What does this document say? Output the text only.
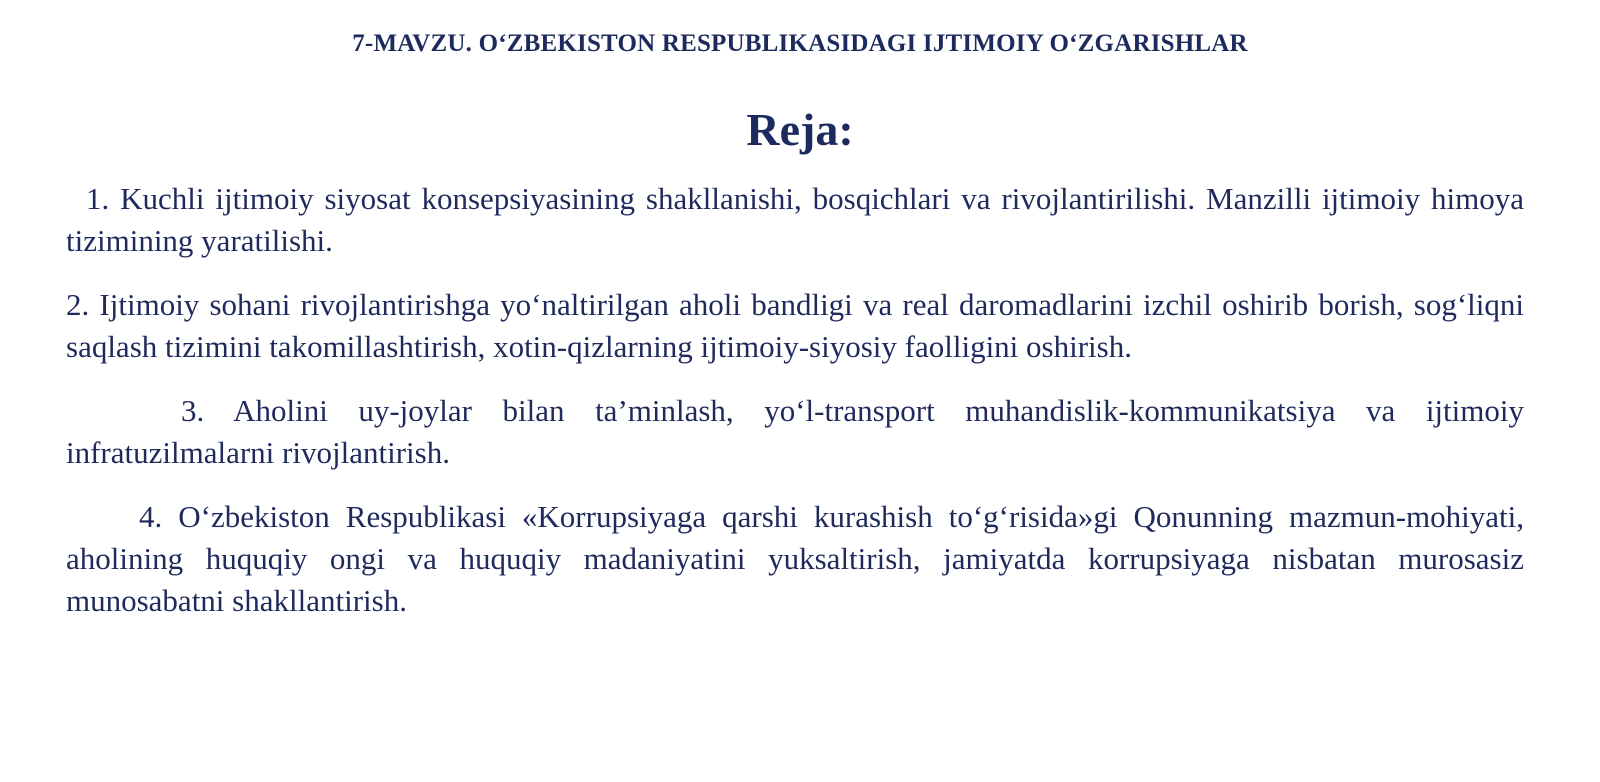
7-MAVZU. O‘ZBEKISTON RESPUBLIKASIDAGI IJTIMOIY O‘ZGARISHLAR
Reja:

1. Kuchli ijtimoiy siyosat konsepsiyasining shakllanishi, bosqichlari va rivojlantirilishi. Manzilli ijtimoiy himoya tizimining yaratilishi.

2. Ijtimoiy sohani rivojlantirishga yo‘naltirilgan aholi bandligi va real daromadlarini izchil oshirib borish, sog‘liqni saqlash tizimini takomillashtirish, xotin-qizlarning ijtimoiy-siyosiy faolligini oshirish.

3. Aholini uy-joylar bilan ta’minlash, yo‘l-transport muhandislik-kommunikatsiya va ijtimoiy infratuzilmalarni rivojlantirish.

4. O‘zbekiston Respublikasi «Korrupsiyaga qarshi kurashish to‘g‘risida»gi Qonunning mazmun-mohiyati, aholining huquqiy ongi va huquqiy madaniyatini yuksaltirish, jamiyatda korrupsiyaga nisbatan murosasiz munosabatni shakllantirish.
